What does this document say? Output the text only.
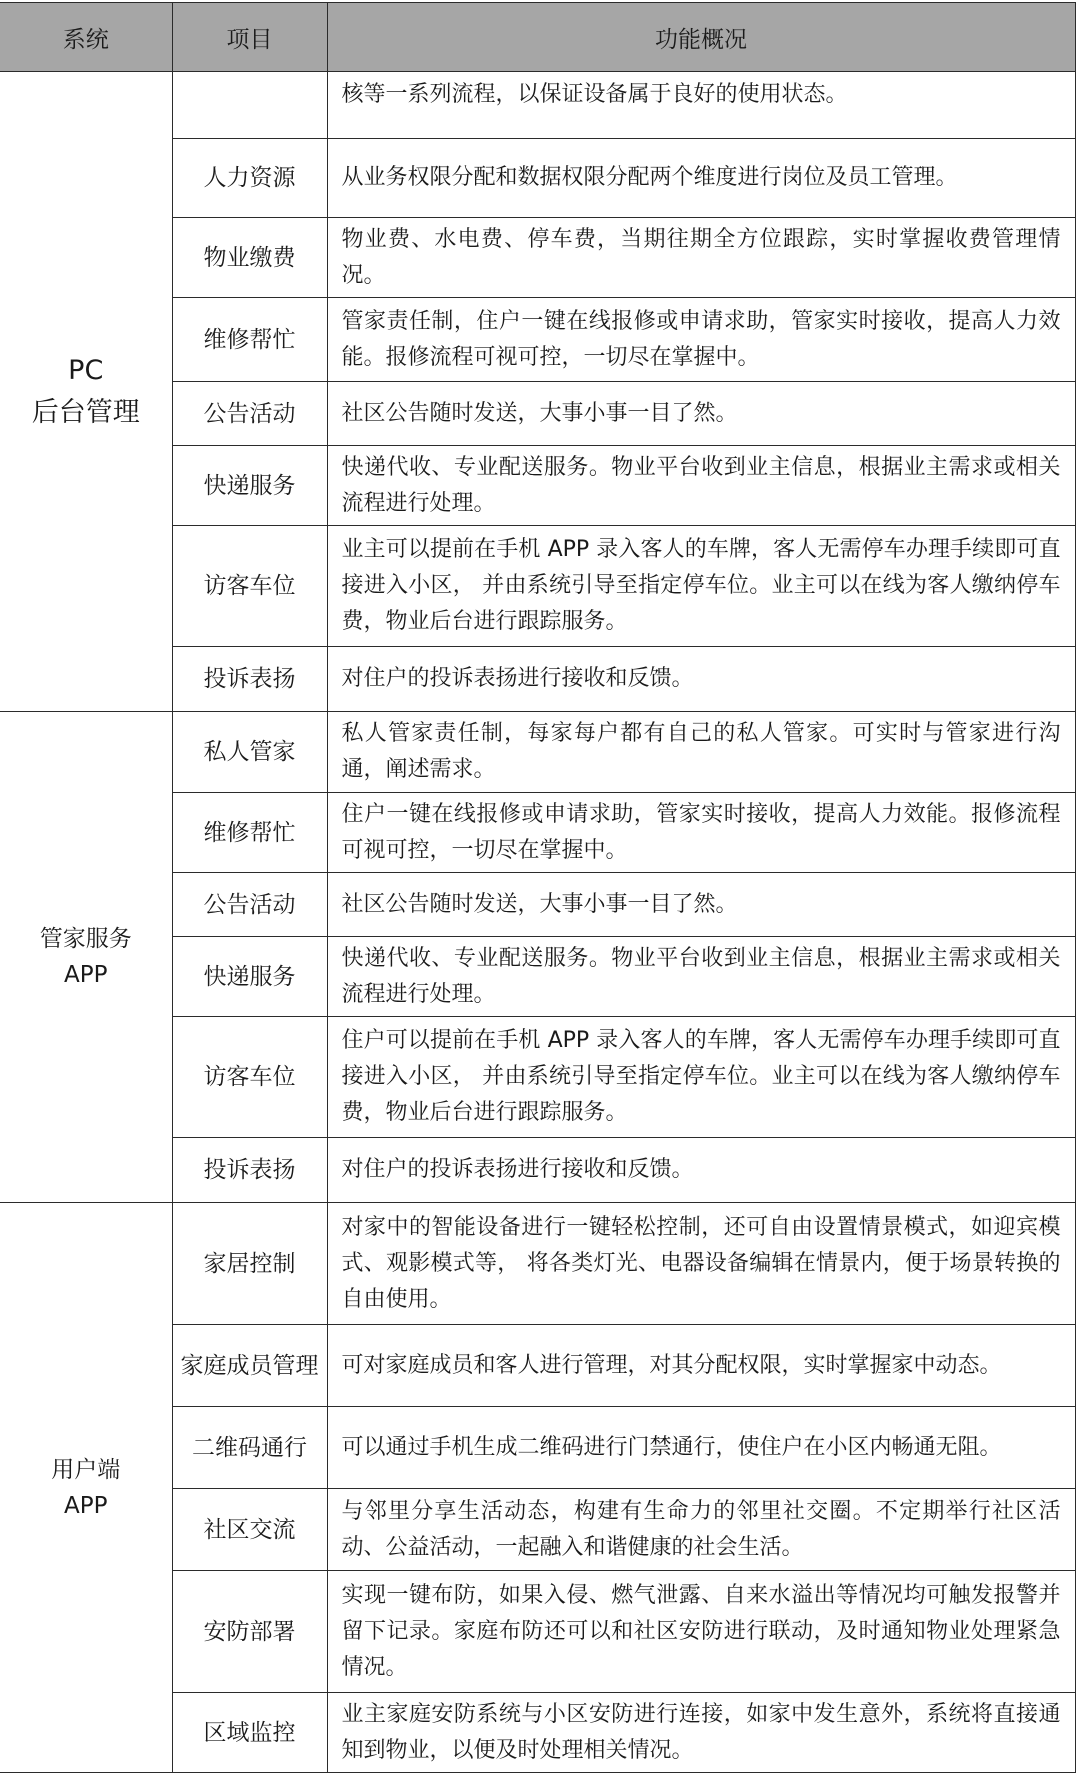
系统	项目	功能概况

PC
后台管理		核等一系列流程，以保证设备属于良好的使用状态。
	人力资源	从业务权限分配和数据权限分配两个维度进行岗位及员工管理。
	物业缴费	物业费、水电费、停车费，当期往期全方位跟踪，实时掌握收费管理情况。
	维修帮忙	管家责任制，住户一键在线报修或申请求助，管家实时接收，提高人力效能。报修流程可视可控，一切尽在掌握中。
	公告活动	社区公告随时发送，大事小事一目了然。
	快递服务	快递代收、专业配送服务。物业平台收到业主信息，根据业主需求或相关流程进行处理。
	访客车位	业主可以提前在手机 APP 录入客人的车牌，客人无需停车办理手续即可直接进入小区， 并由系统引导至指定停车位。业主可以在线为客人缴纳停车费，物业后台进行跟踪服务。
	投诉表扬	对住户的投诉表扬进行接收和反馈。

管家服务
APP	私人管家	私人管家责任制，每家每户都有自己的私人管家。可实时与管家进行沟通，阐述需求。
	维修帮忙	住户一键在线报修或申请求助，管家实时接收，提高人力效能。报修流程可视可控，一切尽在掌握中。
	公告活动	社区公告随时发送，大事小事一目了然。
	快递服务	快递代收、专业配送服务。物业平台收到业主信息，根据业主需求或相关流程进行处理。
	访客车位	住户可以提前在手机 APP 录入客人的车牌，客人无需停车办理手续即可直接进入小区， 并由系统引导至指定停车位。业主可以在线为客人缴纳停车费，物业后台进行跟踪服务。
	投诉表扬	对住户的投诉表扬进行接收和反馈。

用户端
APP	家居控制	对家中的智能设备进行一键轻松控制，还可自由设置情景模式，如迎宾模式、观影模式等， 将各类灯光、电器设备编辑在情景内，便于场景转换的自由使用。
	家庭成员管理	可对家庭成员和客人进行管理，对其分配权限，实时掌握家中动态。
	二维码通行	可以通过手机生成二维码进行门禁通行，使住户在小区内畅通无阻。
	社区交流	与邻里分享生活动态，构建有生命力的邻里社交圈。不定期举行社区活动、公益活动，一起融入和谐健康的社会生活。
	安防部署	实现一键布防，如果入侵、燃气泄露、自来水溢出等情况均可触发报警并留下记录。家庭布防还可以和社区安防进行联动，及时通知物业处理紧急情况。
	区域监控	业主家庭安防系统与小区安防进行连接，如家中发生意外，系统将直接通知到物业，以便及时处理相关情况。
